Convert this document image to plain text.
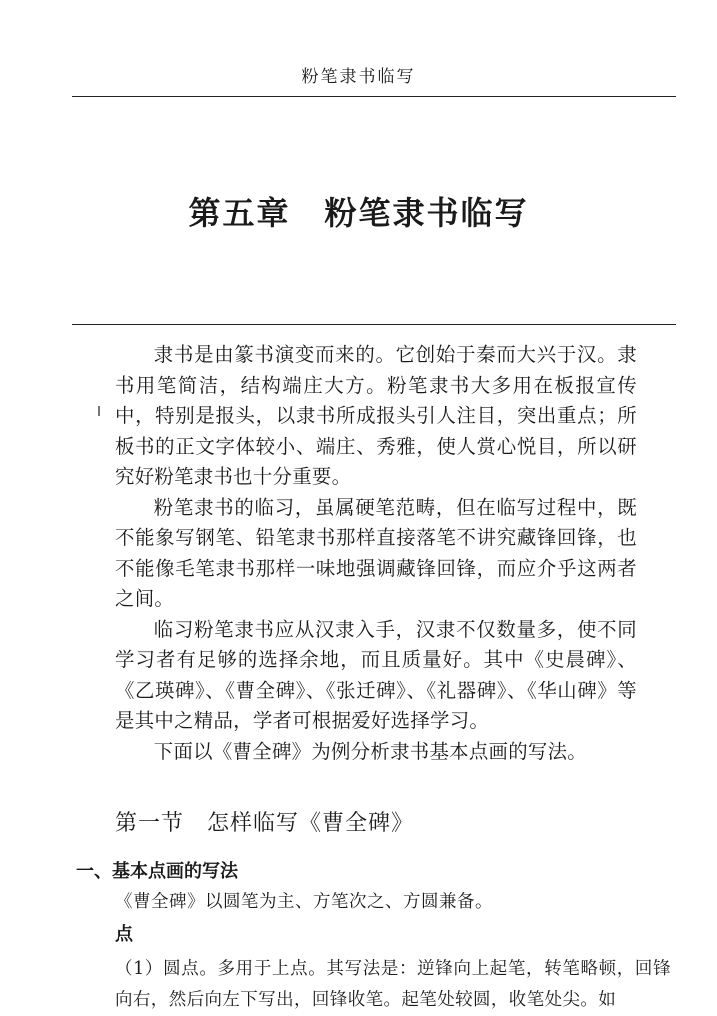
粉笔隶书临写
第五章　粉笔隶书临写

隶书是由篆书演变而来的。它创始于秦而大兴于汉。隶书用笔简洁，结构端庄大方。粉笔隶书大多用在板报宣传中，特别是报头，以隶书所成报头引人注目，突出重点；所板书的正文字体较小、端庄、秀雅，使人赏心悦目，所以研究好粉笔隶书也十分重要。

粉笔隶书的临习，虽属硬笔范畴，但在临写过程中，既不能象写钢笔、铅笔隶书那样直接落笔不讲究藏锋回锋，也不能像毛笔隶书那样一味地强调藏锋回锋，而应介乎这两者之间。

临习粉笔隶书应从汉隶入手，汉隶不仅数量多，使不同学习者有足够的选择余地，而且质量好。其中《史晨碑》、《乙瑛碑》、《曹全碑》、《张迁碑》、《礼器碑》、《华山碑》等是其中之精品，学者可根据爱好选择学习。

下面以《曹全碑》为例分析隶书基本点画的写法。

第一节　怎样临写《曹全碑》
一、基本点画的写法
《曹全碑》以圆笔为主、方笔次之、方圆兼备。
点

（1）圆点。多用于上点。其写法是：逆锋向上起笔，转笔略顿，回锋向右，然后向左下写出，回锋收笔。起笔处较圆，收笔处尖。如
